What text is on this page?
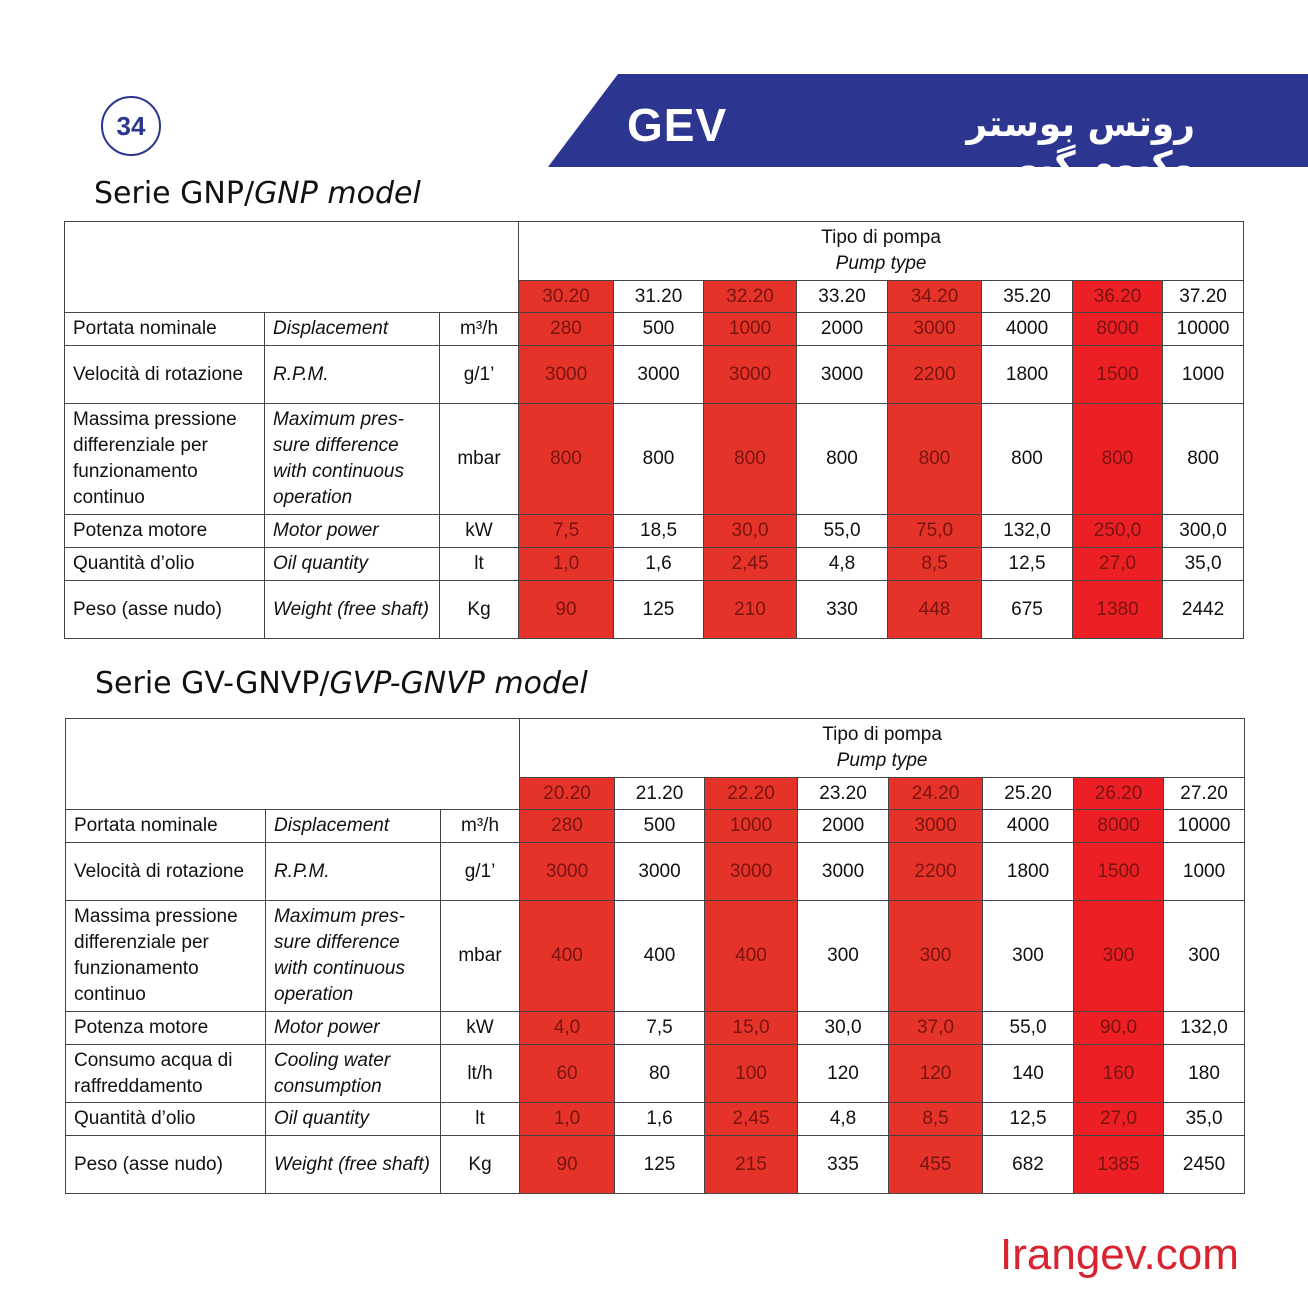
34	GEV	روتس بوستر وکیوم گیو
Serie GNP/GNP model

			Tipo di pompa
Pump type							

			30.20	31.20	32.20	33.20	34.20	35.20	36.20	37.20
Portata nominale	Displacement	m³/h	280	500	1000	2000	3000	4000	8000	10000
Velocità di rotazione	R.P.M.	g/1’	3000	3000	3000	3000	2200	1800	1500	1000
Massima pressione differenziale per funzionamento continuo	Maximum pres-sure difference with continuous operation	mbar	800	800	800	800	800	800	800	800
Potenza motore	Motor power	kW	7,5	18,5	30,0	55,0	75,0	132,0	250,0	300,0
Quantità d’olio	Oil quantity	lt	1,0	1,6	2,45	4,8	8,5	12,5	27,0	35,0
Peso (asse nudo)	Weight (free shaft)	Kg	90	125	210	330	448	675	1380	2442
Serie GV-GNVP/GVP-GNVP model

			Tipo di pompa
Pump type							

			20.20	21.20	22.20	23.20	24.20	25.20	26.20	27.20
Portata nominale	Displacement	m³/h	280	500	1000	2000	3000	4000	8000	10000
Velocità di rotazione	R.P.M.	g/1’	3000	3000	3000	3000	2200	1800	1500	1000
Massima pressione differenziale per funzionamento continuo	Maximum pres-sure difference with continuous operation	mbar	400	400	400	300	300	300	300	300
Potenza motore	Motor power	kW	4,0	7,5	15,0	30,0	37,0	55,0	90,0	132,0
Consumo acqua di raffreddamento	Cooling water consumption	lt/h	60	80	100	120	120	140	160	180
Quantità d’olio	Oil quantity	lt	1,0	1,6	2,45	4,8	8,5	12,5	27,0	35,0
Peso (asse nudo)	Weight (free shaft)	Kg	90	125	215	335	455	682	1385	2450
Irangev.com
